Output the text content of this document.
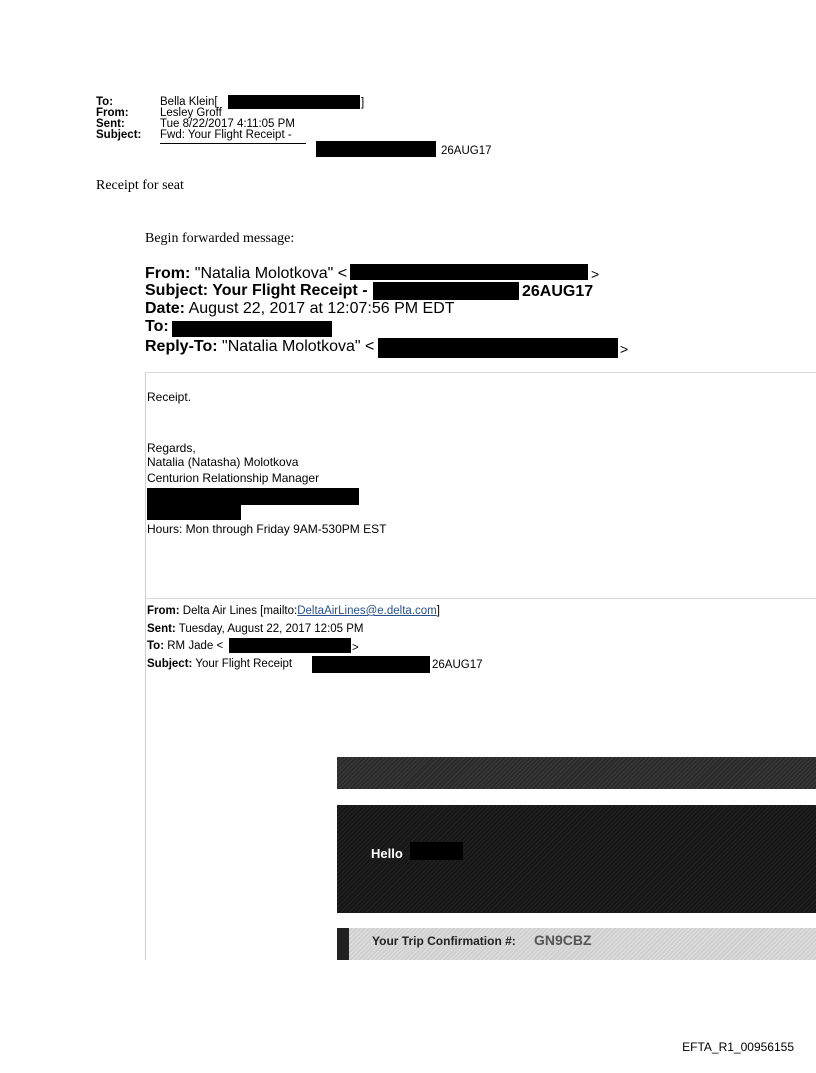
To:	Bella Klein[
From:	Lesley Groff
Sent:	Tue 8/22/2017 4:11:05 PM
Subject: Fwd: Your Flight Receipt -
]
26AUG17
Receipt for seat
Begin forwarded message:
From: "Natalia Molotkova" <	>
Subject: Your Flight Receipt -	26AUG17
Date: August 22, 2017 at 12:07:56 PM EDT
To:
Reply-To: "Natalia Molotkova" <	>
Receipt.
Regards,
Natalia (Natasha) Molotkova
Centurion Relationship Manager
Hours: Mon through Friday 9AM-530PM EST
From: Delta Air Lines [mailto:DeltaAirLines@e.delta.com]
Sent: Tuesday, August 22, 2017 12:05 PM
To: RM Jade <	>
Subject: Your Flight Receipt	26AUG17
Hello
Your Trip Confirmation #: GN9CBZ
EFTA_R1_00956155
